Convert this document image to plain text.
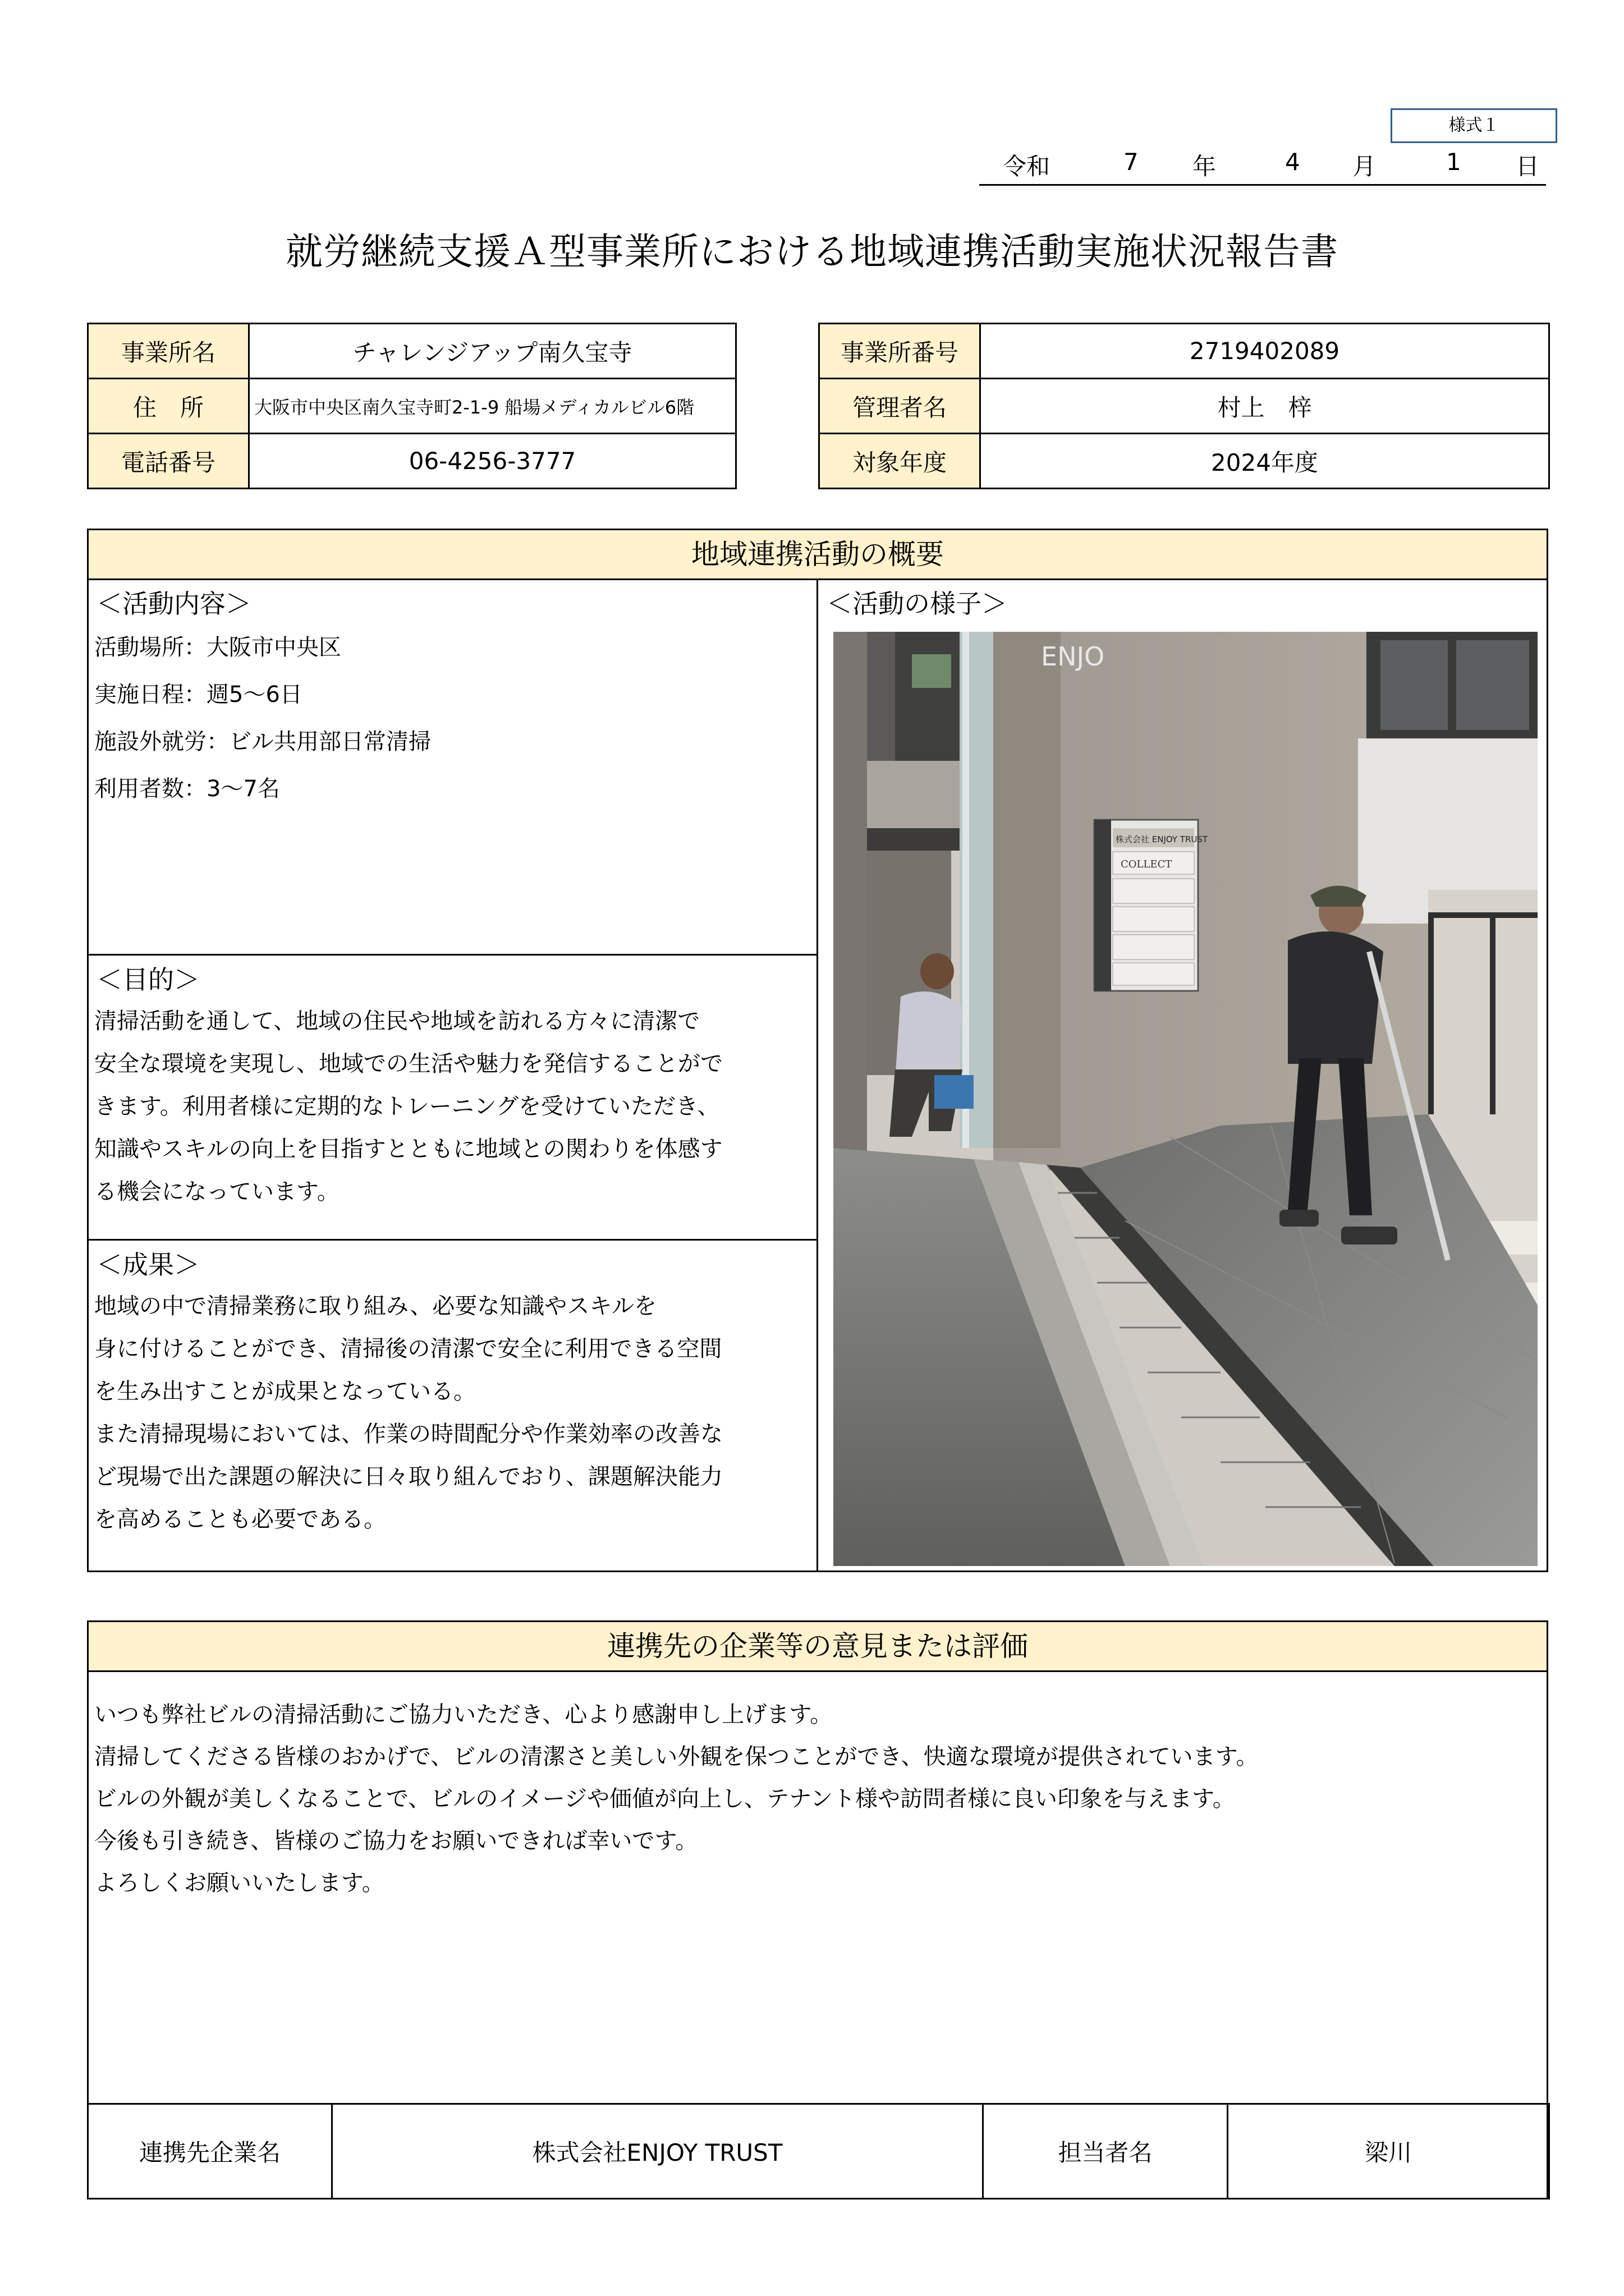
様式１
令和	7 年	4 月	1 日
就労継続支援Ａ型事業所における地域連携活動実施状況報告書
事業所名	チャレンジアップ南久宝寺
住　所	大阪市中央区南久宝寺町2-1-9 船場メディカルビル6階
電話番号	06-4256-3777
事業所番号	2719402089
管理者名	村上　梓
対象年度	2024年度
地域連携活動の概要
＜活動内容＞
活動場所：大阪市中央区
実施日程：週5～6日
施設外就労：ビル共用部日常清掃
利用者数：3～7名
＜目的＞
清掃活動を通して、地域の住民や地域を訪れる方々に清潔で
安全な環境を実現し、地域での生活や魅力を発信することがで
きます。利用者様に定期的なトレーニングを受けていただき、
知識やスキルの向上を目指すとともに地域との関わりを体感す
る機会になっています。
＜成果＞
地域の中で清掃業務に取り組み、必要な知識やスキルを
身に付けることができ、清掃後の清潔で安全に利用できる空間
を生み出すことが成果となっている。
また清掃現場においては、作業の時間配分や作業効率の改善な
ど現場で出た課題の解決に日々取り組んでおり、課題解決能力
を高めることも必要である。
＜活動の様子＞
ENJO
株式会社 ENJOY TRUST
COLLECT
連携先の企業等の意見または評価
いつも弊社ビルの清掃活動にご協力いただき、心より感謝申し上げます。
清掃してくださる皆様のおかげで、ビルの清潔さと美しい外観を保つことができ、快適な環境が提供されています。
ビルの外観が美しくなることで、ビルのイメージや価値が向上し、テナント様や訪問者様に良い印象を与えます。
今後も引き続き、皆様のご協力をお願いできれば幸いです。
よろしくお願いいたします。
連携先企業名	株式会社ENJOY TRUST	担当者名	梁川
